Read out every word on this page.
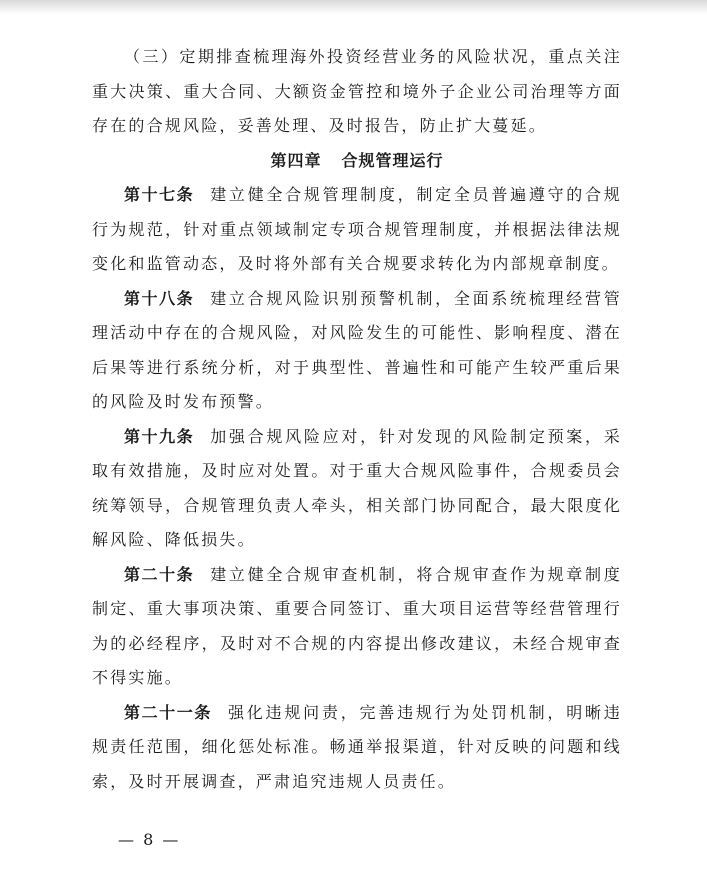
（三）定期排查梳理海外投资经营业务的风险状况，重点关注重大决策、重大合同、大额资金管控和境外子企业公司治理等方面存在的合规风险，妥善处理、及时报告，防止扩大蔓延。

第四章 合规管理运行

第十七条 建立健全合规管理制度，制定全员普遍遵守的合规行为规范，针对重点领域制定专项合规管理制度，并根据法律法规变化和监管动态，及时将外部有关合规要求转化为内部规章制度。

第十八条 建立合规风险识别预警机制，全面系统梳理经营管理活动中存在的合规风险，对风险发生的可能性、影响程度、潜在后果等进行系统分析，对于典型性、普遍性和可能产生较严重后果的风险及时发布预警。

第十九条 加强合规风险应对，针对发现的风险制定预案，采取有效措施，及时应对处置。对于重大合规风险事件，合规委员会统筹领导，合规管理负责人牵头，相关部门协同配合，最大限度化解风险、降低损失。

第二十条 建立健全合规审查机制，将合规审查作为规章制度制定、重大事项决策、重要合同签订、重大项目运营等经营管理行为的必经程序，及时对不合规的内容提出修改建议，未经合规审查不得实施。

第二十一条 强化违规问责，完善违规行为处罚机制，明晰违规责任范围，细化惩处标准。畅通举报渠道，针对反映的问题和线索，及时开展调查，严肃追究违规人员责任。

— 8 —
